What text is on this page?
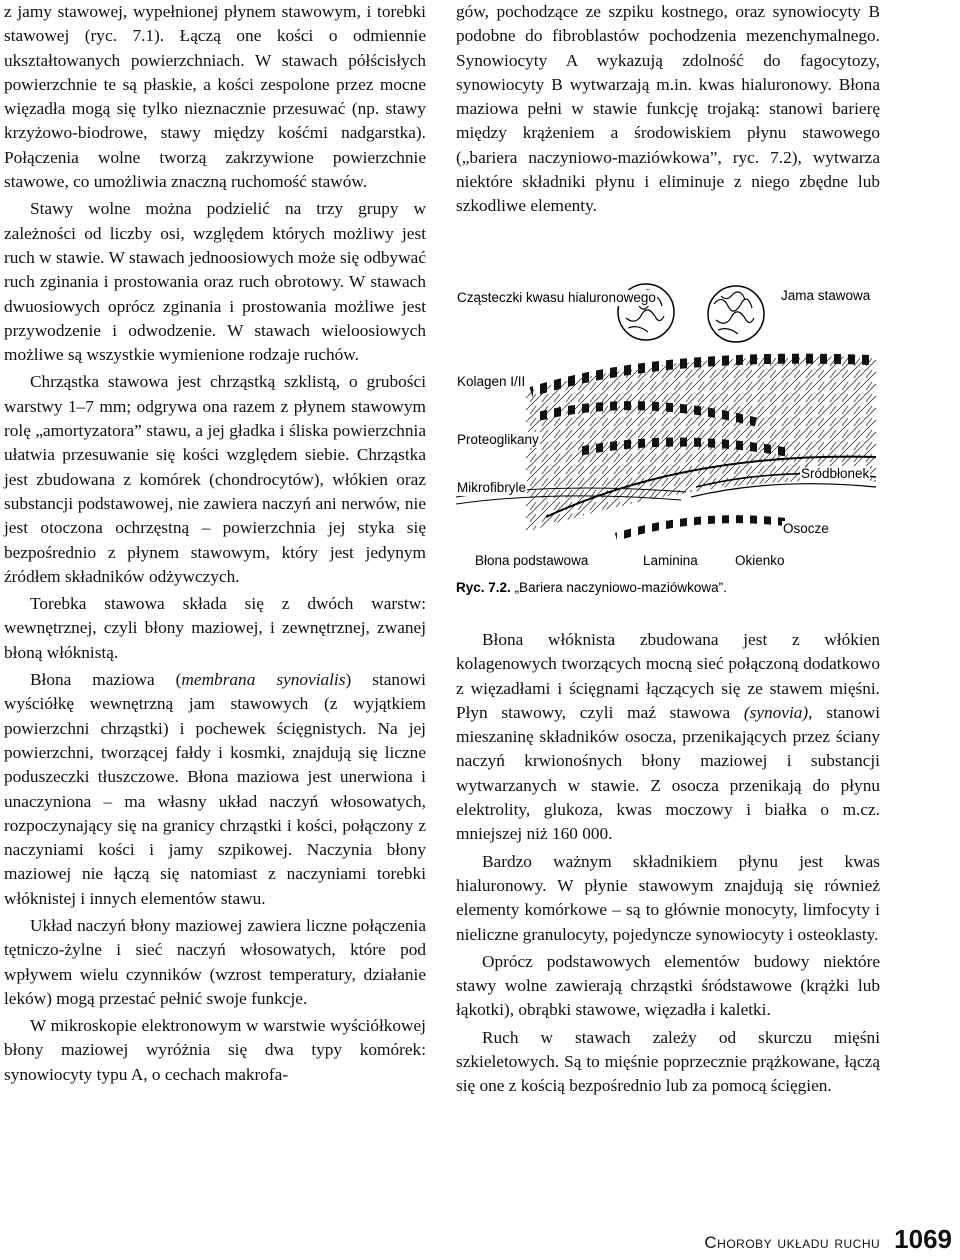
z jamy stawowej, wypełnionej płynem stawowym, i torebki stawowej (ryc. 7.1). Łączą one kości o odmiennie ukształtowanych powierzchniach. W stawach półścisłych powierzchnie te są płaskie, a kości zespolone przez mocne więzadła mogą się tylko nieznacznie przesuwać (np. stawy krzyżowo-biodrowe, stawy między kośćmi nadgarstka). Połączenia wolne tworzą zakrzywione powierzchnie stawowe, co umożliwia znaczną ruchomość stawów.

Stawy wolne można podzielić na trzy grupy w zależności od liczby osi, względem których możliwy jest ruch w stawie. W stawach jednoosiowych może się odbywać ruch zginania i prostowania oraz ruch obrotowy. W stawach dwuosiowych oprócz zginania i prostowania możliwe jest przywodzenie i odwodzenie. W stawach wieloosiowych możliwe są wszystkie wymienione rodzaje ruchów.

Chrząstka stawowa jest chrząstką szklistą, o grubości warstwy 1–7 mm; odgrywa ona razem z płynem stawowym rolę „amortyzatora” stawu, a jej gładka i śliska powierzchnia ułatwia przesuwanie się kości względem siebie. Chrząstka jest zbudowana z komórek (chondrocytów), włókien oraz substancji podstawowej, nie zawiera naczyń ani nerwów, nie jest otoczona ochrzęstną – powierzchnia jej styka się bezpośrednio z płynem stawowym, który jest jedynym źródłem składników odżywczych.

Torebka stawowa składa się z dwóch warstw: wewnętrznej, czyli błony maziowej, i zewnętrznej, zwanej błoną włóknistą.

Błona maziowa (membrana synovialis) stanowi wyściółkę wewnętrzną jam stawowych (z wyjątkiem powierzchni chrząstki) i pochewek ścięgnistych. Na jej powierzchni, tworzącej fałdy i kosmki, znajdują się liczne poduszeczki tłuszczowe. Błona maziowa jest unerwiona i unaczyniona – ma własny układ naczyń włosowatych, rozpoczynający się na granicy chrząstki i kości, połączony z naczyniami kości i jamy szpikowej. Naczynia błony maziowej nie łączą się natomiast z naczyniami torebki włóknistej i innych elementów stawu.

Układ naczyń błony maziowej zawiera liczne połączenia tętniczo-żylne i sieć naczyń włosowatych, które pod wpływem wielu czynników (wzrost temperatury, działanie leków) mogą przestać pełnić swoje funkcje.

W mikroskopie elektronowym w warstwie wyściółkowej błony maziowej wyróżnia się dwa typy komórek: synowiocyty typu A, o cechach makrofa-

gów, pochodzące ze szpiku kostnego, oraz synowiocyty B podobne do fibroblastów pochodzenia mezenchymalnego. Synowiocyty A wykazują zdolność do fagocytozy, synowiocyty B wytwarzają m.in. kwas hialuronowy. Błona maziowa pełni w stawie funkcję trojaką: stanowi barierę między krążeniem a środowiskiem płynu stawowego („bariera naczyniowo-maziówkowa”, ryc. 7.2), wytwarza niektóre składniki płynu i eliminuje z niego zbędne lub szkodliwe elementy.

Cząsteczki kwasu hialuronowego	Jama stawowa
Kolagen I/II
Proteoglikany
Śródbłonek
Mikrofibryle
Osocze
Błona podstawowa	Laminina	Okienko
Ryc. 7.2. „Bariera naczyniowo-maziówkowa”.

Błona włóknista zbudowana jest z włókien kolagenowych tworzących mocną sieć połączoną dodatkowo z więzadłami i ścięgnami łączących się ze stawem mięśni. Płyn stawowy, czyli maź stawowa (synovia), stanowi mieszaninę składników osocza, przenikających przez ściany naczyń krwionośnych błony maziowej i substancji wytwarzanych w stawie. Z osocza przenikają do płynu elektrolity, glukoza, kwas moczowy i białka o m.cz. mniejszej niż 160 000.

Bardzo ważnym składnikiem płynu jest kwas hialuronowy. W płynie stawowym znajdują się również elementy komórkowe – są to głównie monocyty, limfocyty i nieliczne granulocyty, pojedyncze synowiocyty i osteoklasty.

Oprócz podstawowych elementów budowy niektóre stawy wolne zawierają chrząstki śródstawowe (krążki lub łąkotki), obrąbki stawowe, więzadła i kaletki.

Ruch w stawach zależy od skurczu mięśni szkieletowych. Są to mięśnie poprzecznie prążkowane, łączą się one z kością bezpośrednio lub za pomocą ścięgien.

Choroby układu ruchu 1069
